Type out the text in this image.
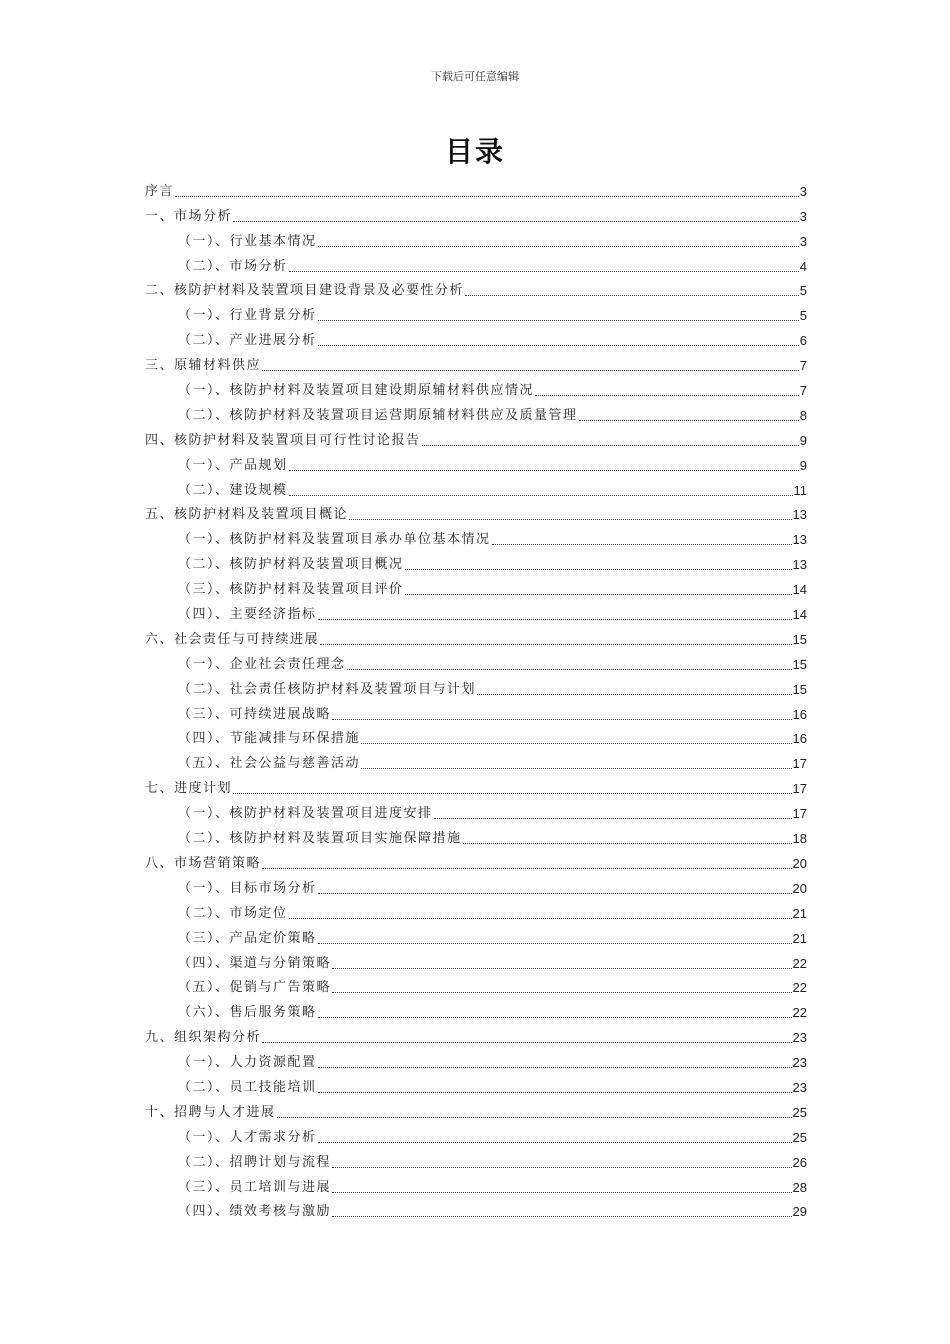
下载后可任意编辑
目录
序言	3
一、市场分析	3
（一）、行业基本情况	3
（二）、市场分析	4
二、核防护材料及装置项目建设背景及必要性分析	5
（一）、行业背景分析	5
（二）、产业进展分析	6
三、原辅材料供应	7
（一）、核防护材料及装置项目建设期原辅材料供应情况	7
（二）、核防护材料及装置项目运营期原辅材料供应及质量管理	8
四、核防护材料及装置项目可行性讨论报告	9
（一）、产品规划	9
（二）、建设规模	11
五、核防护材料及装置项目概论	13
（一）、核防护材料及装置项目承办单位基本情况	13
（二）、核防护材料及装置项目概况	13
（三）、核防护材料及装置项目评价	14
（四）、主要经济指标	14
六、社会责任与可持续进展	15
（一）、企业社会责任理念	15
（二）、社会责任核防护材料及装置项目与计划	15
（三）、可持续进展战略	16
（四）、节能减排与环保措施	16
（五）、社会公益与慈善活动	17
七、进度计划	17
（一）、核防护材料及装置项目进度安排	17
（二）、核防护材料及装置项目实施保障措施	18
八、市场营销策略	20
（一）、目标市场分析	20
（二）、市场定位	21
（三）、产品定价策略	21
（四）、渠道与分销策略	22
（五）、促销与广告策略	22
（六）、售后服务策略	22
九、组织架构分析	23
（一）、人力资源配置	23
（二）、员工技能培训	23
十、招聘与人才进展	25
（一）、人才需求分析	25
（二）、招聘计划与流程	26
（三）、员工培训与进展	28
（四）、绩效考核与激励	29
